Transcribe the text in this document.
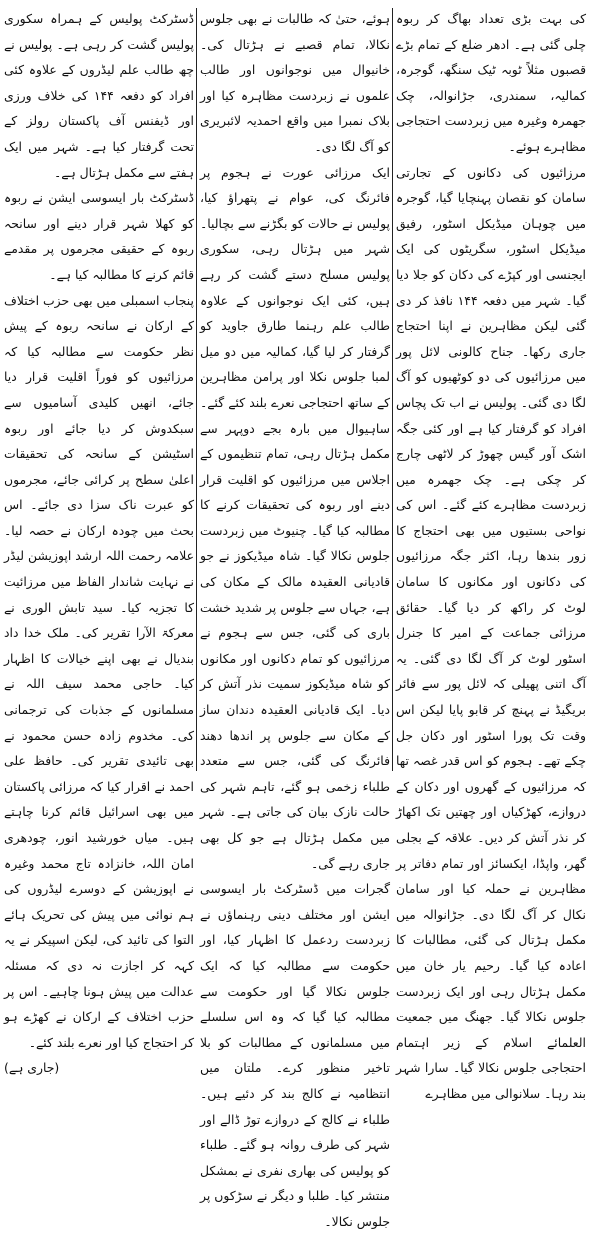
کی بہت بڑی تعداد بھاگ کر ربوہ چلی گئی ہے۔ ادھر ضلع کے تمام بڑے قصبوں مثلاً ٹوبہ ٹیک سنگھ، گوجرہ، کمالیہ، سمندری، جڑانوالہ، چک جھمرہ وغیرہ میں زبردست احتجاجی مظاہرے ہوئے۔

مرزائیوں کی دکانوں کے تجارتی سامان کو نقصان پہنچایا گیا، گوجرہ میں چوہان میڈیکل اسٹور، رفیق میڈیکل اسٹور، سگریٹوں کی ایک ایجنسی اور کپڑے کی دکان کو جلا دیا گیا۔ شہر میں دفعہ ۱۴۴ نافذ کر دی گئی لیکن مظاہرین نے اپنا احتجاج جاری رکھا۔ جناح کالونی لائل پور میں مرزائیوں کی دو کوٹھیوں کو آگ لگا دی گئی۔ پولیس نے اب تک پچاس افراد کو گرفتار کیا ہے اور کئی جگہ اشک آور گیس چھوڑ کر لاٹھی چارج کر چکی ہے۔ چک جھمرہ میں زبردست مظاہرے کئے گئے۔ اس کی نواحی بستیوں میں بھی احتجاج کا زور بندھا رہا، اکثر جگہ مرزائیوں کی دکانوں اور مکانوں کا سامان لوٹ کر راکھ کر دیا گیا۔ حقائق مرزائی جماعت کے امیر کا جنرل اسٹور لوٹ کر آگ لگا دی گئی۔ یہ آگ اتنی پھیلی کہ لائل پور سے فائر بریگیڈ نے پہنچ کر قابو پایا لیکن اس وقت تک پورا اسٹور اور دکان جل چکے تھے۔ ہجوم کو اس قدر غصہ تھا کہ مرزائیوں کے گھروں اور دکان کے دروازے، کھڑکیاں اور چھتیں تک اکھاڑ کر نذر آتش کر دیں۔ علاقہ کے بجلی گھر، واپڈا، ایکسائز اور تمام دفاتر پر مظاہرین نے حملہ کیا اور سامان نکال کر آگ لگا دی۔ جڑانوالہ میں مکمل ہڑتال کی گئی، مطالبات کا اعادہ کیا گیا۔ رحیم یار خان میں مکمل ہڑتال رہی اور ایک زبردست جلوس نکالا گیا۔ جھنگ میں جمعیت العلمائے اسلام کے زیر اہتمام احتجاجی جلوس نکالا گیا۔ سارا شہر بند رہا۔ سلانوالی میں مظاہرے

ہوئے، حتیٰ کہ طالبات نے بھی جلوس نکالا، تمام قصبے نے ہڑتال کی۔ خانیوال میں نوجوانوں اور طالب علموں نے زبردست مظاہرہ کیا اور بلاک نمبرا میں واقع احمدیہ لائبریری کو آگ لگا دی۔

ایک مرزائی عورت نے ہجوم پر فائرنگ کی، عوام نے پتھراؤ کیا، پولیس نے حالات کو بگڑنے سے بچالیا۔ شہر میں ہڑتال رہی، سکوری پولیس مسلح دستے گشت کر رہے ہیں، کئی ایک نوجوانوں کے علاوہ طالب علم رہنما طارق جاوید کو گرفتار کر لیا گیا، کمالیہ میں دو میل لمبا جلوس نکلا اور پرامن مظاہرین کے ساتھ احتجاجی نعرے بلند کئے گئے۔ ساہیوال میں بارہ بجے دوپہر سے مکمل ہڑتال رہی، تمام تنظیموں کے اجلاس میں مرزائیوں کو اقلیت قرار دینے اور ربوہ کی تحقیقات کرنے کا مطالبہ کیا گیا۔ چنیوٹ میں زبردست جلوس نکالا گیا۔ شاہ میڈیکوز نے جو قادیانی العقیدہ مالک کے مکان کی ہے، جہاں سے جلوس پر شدید خشت باری کی گئی، جس سے ہجوم نے مرزائیوں کو تمام دکانوں اور مکانوں کو شاہ میڈیکوز سمیت نذر آتش کر دیا۔ ایک قادیانی العقیدہ دندان ساز کے مکان سے جلوس پر اندھا دھند فائرنگ کی گئی، جس سے متعدد طلباء زخمی ہو گئے، تاہم شہر کی حالت نازک بیان کی جاتی ہے۔ شہر میں مکمل ہڑتال ہے جو کل بھی جاری رہے گی۔

گجرات میں ڈسٹرکٹ بار ایسوسی ایشن اور مختلف دینی رہنماؤں نے زبردست ردعمل کا اظہار کیا، اور حکومت سے مطالبہ کیا کہ ایک جلوس نکالا گیا اور حکومت سے مطالبہ کیا گیا کہ وہ اس سلسلے میں مسلمانوں کے مطالبات کو بلا تاخیر منظور کرے۔ ملتان میں انتظامیہ نے کالج بند کر دئیے ہیں۔ طلباء نے کالج کے دروازے توڑ ڈالے اور شہر کی طرف روانہ ہو گئے۔ طلباء کو پولیس کی بھاری نفری نے بمشکل منتشر کیا۔ طلبا و دیگر نے سڑکوں پر جلوس نکالا۔

ڈسٹرکٹ پولیس کے ہمراہ سکوری پولیس گشت کر رہی ہے۔ پولیس نے چھ طالب علم لیڈروں کے علاوہ کئی افراد کو دفعہ ۱۴۴ کی خلاف ورزی اور ڈیفنس آف پاکستان رولز کے تحت گرفتار کیا ہے۔ شہر میں ایک ہفتے سے مکمل ہڑتال ہے۔

ڈسٹرکٹ بار ایسوسی ایشن نے ربوہ کو کھلا شہر قرار دینے اور سانحہ ربوہ کے حقیقی مجرموں پر مقدمے قائم کرنے کا مطالبہ کیا ہے۔

پنجاب اسمبلی میں بھی حزب اختلاف کے ارکان نے سانحہ ربوہ کے پیش نظر حکومت سے مطالبہ کیا کہ مرزائیوں کو فوراً اقلیت قرار دیا جائے، انھیں کلیدی آسامیوں سے سبکدوش کر دیا جائے اور ربوہ اسٹیشن کے سانحہ کی تحقیقات اعلیٰ سطح پر کرائی جائے، مجرموں کو عبرت ناک سزا دی جائے۔ اس بحث میں چودہ ارکان نے حصہ لیا۔ علامہ رحمت اللہ ارشد اپوزیشن لیڈر نے نہایت شاندار الفاظ میں مرزائیت کا تجزیہ کیا۔ سید تابش الوری نے معرکۃ الآرا تقریر کی۔ ملک خدا داد بندیال نے بھی اپنے خیالات کا اظہار کیا۔ حاجی محمد سیف اللہ نے مسلمانوں کے جذبات کی ترجمانی کی۔ مخدوم زادہ حسن محمود نے بھی تائیدی تقریر کی۔ حافظ علی احمد نے اقرار کیا کہ مرزائی پاکستان میں بھی اسرائیل قائم کرنا چاہتے ہیں۔ میاں خورشید انور، چودھری امان اللہ، خانزادہ تاج محمد وغیرہ نے اپوزیشن کے دوسرے لیڈروں کی ہم نوائی میں پیش کی تحریک ہائے التوا کی تائید کی، لیکن اسپیکر نے یہ کہہ کر اجازت نہ دی کہ مسئلہ عدالت میں پیش ہونا چاہیے۔ اس پر حزب اختلاف کے ارکان نے کھڑے ہو کر احتجاج کیا اور نعرے بلند کئے۔

(جاری ہے)
